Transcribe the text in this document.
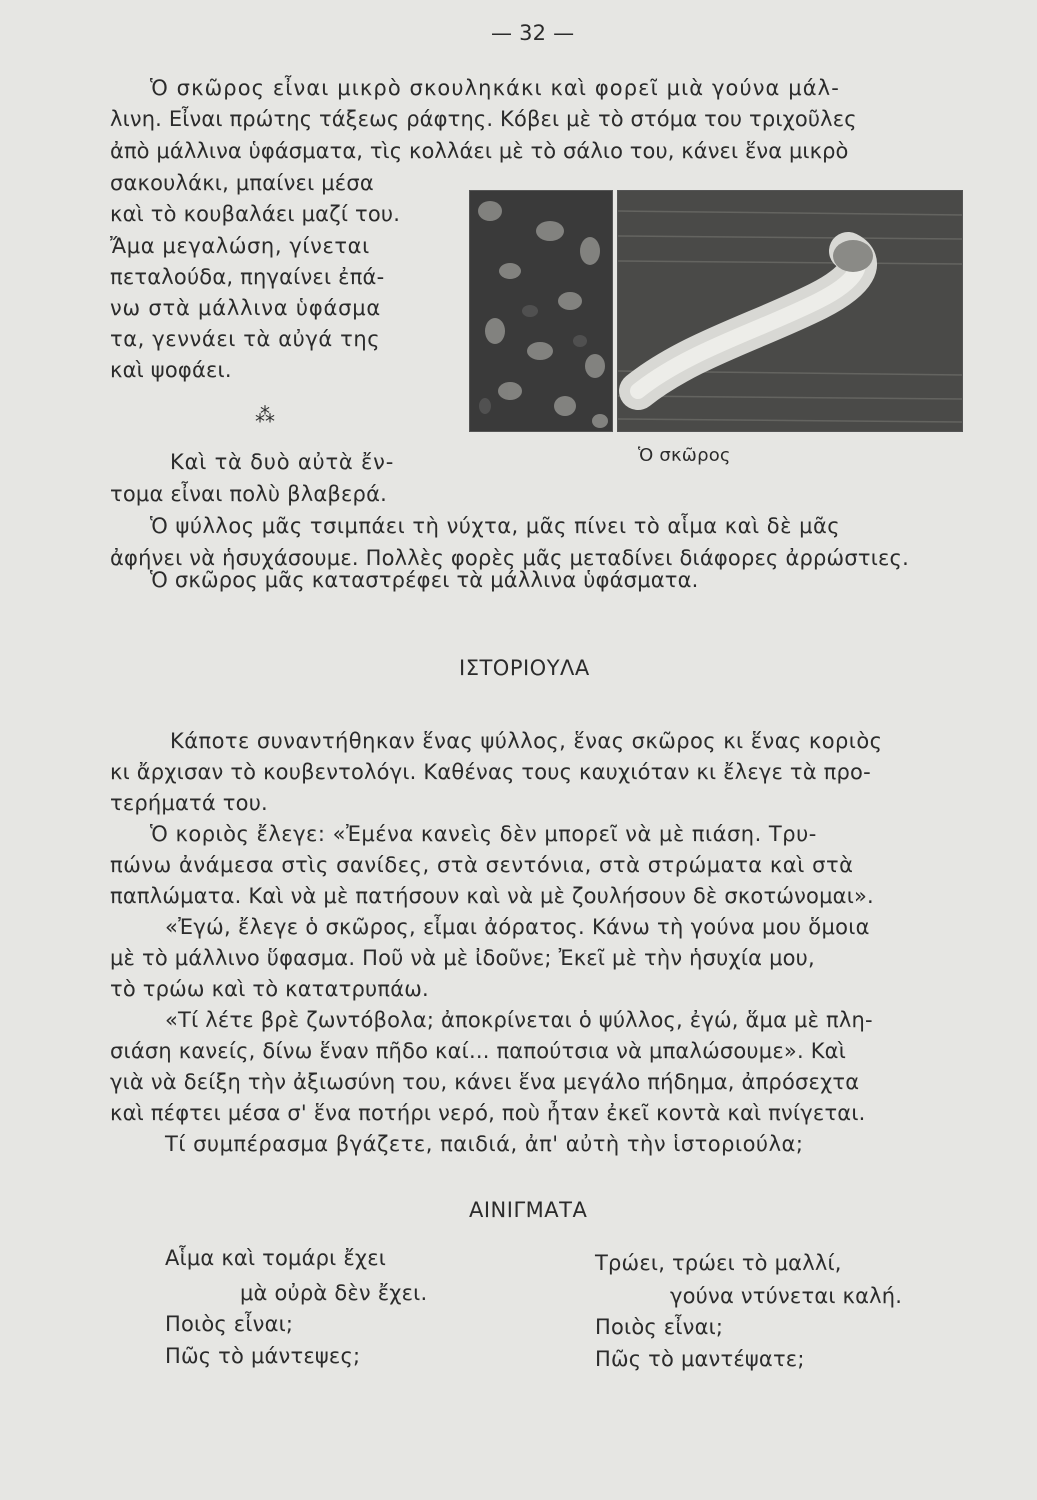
— 32 —
Ὁ σκῶρος εἶναι μικρὸ σκουληκάκι καὶ φορεῖ μιὰ γούνα μάλ-
λινη. Εἶναι πρώτης τάξεως ράφτης. Κόβει μὲ τὸ στόμα του τριχοῦλες
ἀπὸ μάλλινα ὑφάσματα, τὶς κολλάει μὲ τὸ σάλιο του, κάνει ἕνα μικρὸ
σακουλάκι, μπαίνει μέσα
καὶ τὸ κουβαλάει μαζί του.
Ἄμα μεγαλώση, γίνεται
πεταλούδα, πηγαίνει ἐπά-
νω στὰ μάλλινα ὑφάσμα
τα, γεννάει τὰ αὐγά της
καὶ ψοφάει.
⁂
Ὁ σκῶρος
Καὶ τὰ δυὸ αὐτὰ ἔν-
τομα εἶναι πολὺ βλαβερά.
Ὁ ψύλλος μᾶς τσιμπάει τὴ νύχτα, μᾶς πίνει τὸ αἷμα καὶ δὲ μᾶς
ἀφήνει νὰ ἡσυχάσουμε. Πολλὲς φορὲς μᾶς μεταδίνει διάφορες ἀρρώστιες.
Ὁ σκῶρος μᾶς καταστρέφει τὰ μάλλινα ὑφάσματα.
ΙΣΤΟΡΙΟΥΛΑ
Κάποτε συναντήθηκαν ἕνας ψύλλος, ἕνας σκῶρος κι ἕνας κοριὸς
κι ἄρχισαν τὸ κουβεντολόγι. Καθένας τους καυχιόταν κι ἔλεγε τὰ προ-
τερήματά του.
Ὁ κοριὸς ἔλεγε: «Ἐμένα κανεὶς δὲν μπορεῖ νὰ μὲ πιάση. Τρυ-
πώνω ἀνάμεσα στὶς σανίδες, στὰ σεντόνια, στὰ στρώματα καὶ στὰ
παπλώματα. Καὶ νὰ μὲ πατήσουν καὶ νὰ μὲ ζουλήσουν δὲ σκοτώνομαι».
«Ἐγώ, ἔλεγε ὁ σκῶρος, εἶμαι ἀόρατος. Κάνω τὴ γούνα μου ὅμοια
μὲ τὸ μάλλινο ὕφασμα. Ποῦ νὰ μὲ ἰδοῦνε; Ἐκεῖ μὲ τὴν ἡσυχία μου,
τὸ τρώω καὶ τὸ κατατρυπάω.
«Τί λέτε βρὲ ζωντόβολα; ἀποκρίνεται ὁ ψύλλος, ἐγώ, ἅμα μὲ πλη-
σιάση κανείς, δίνω ἕναν πῆδο καί... παπούτσια νὰ μπαλώσουμε». Καὶ
γιὰ νὰ δείξη τὴν ἀξιωσύνη του, κάνει ἕνα μεγάλο πήδημα, ἀπρόσεχτα
καὶ πέφτει μέσα σ' ἕνα ποτήρι νερό, ποὺ ἦταν ἐκεῖ κοντὰ καὶ πνίγεται.
Τί συμπέρασμα βγάζετε, παιδιά, ἀπ' αὐτὴ τὴν ἱστοριούλα;
ΑΙΝΙΓΜΑΤΑ
Αἷμα καὶ τομάρι ἔχει
μὰ οὐρὰ δὲν ἔχει.
Ποιὸς εἶναι;
Πῶς τὸ μάντεψες;
Τρώει, τρώει τὸ μαλλί,
γούνα ντύνεται καλή.
Ποιὸς εἶναι;
Πῶς τὸ μαντέψατε;
